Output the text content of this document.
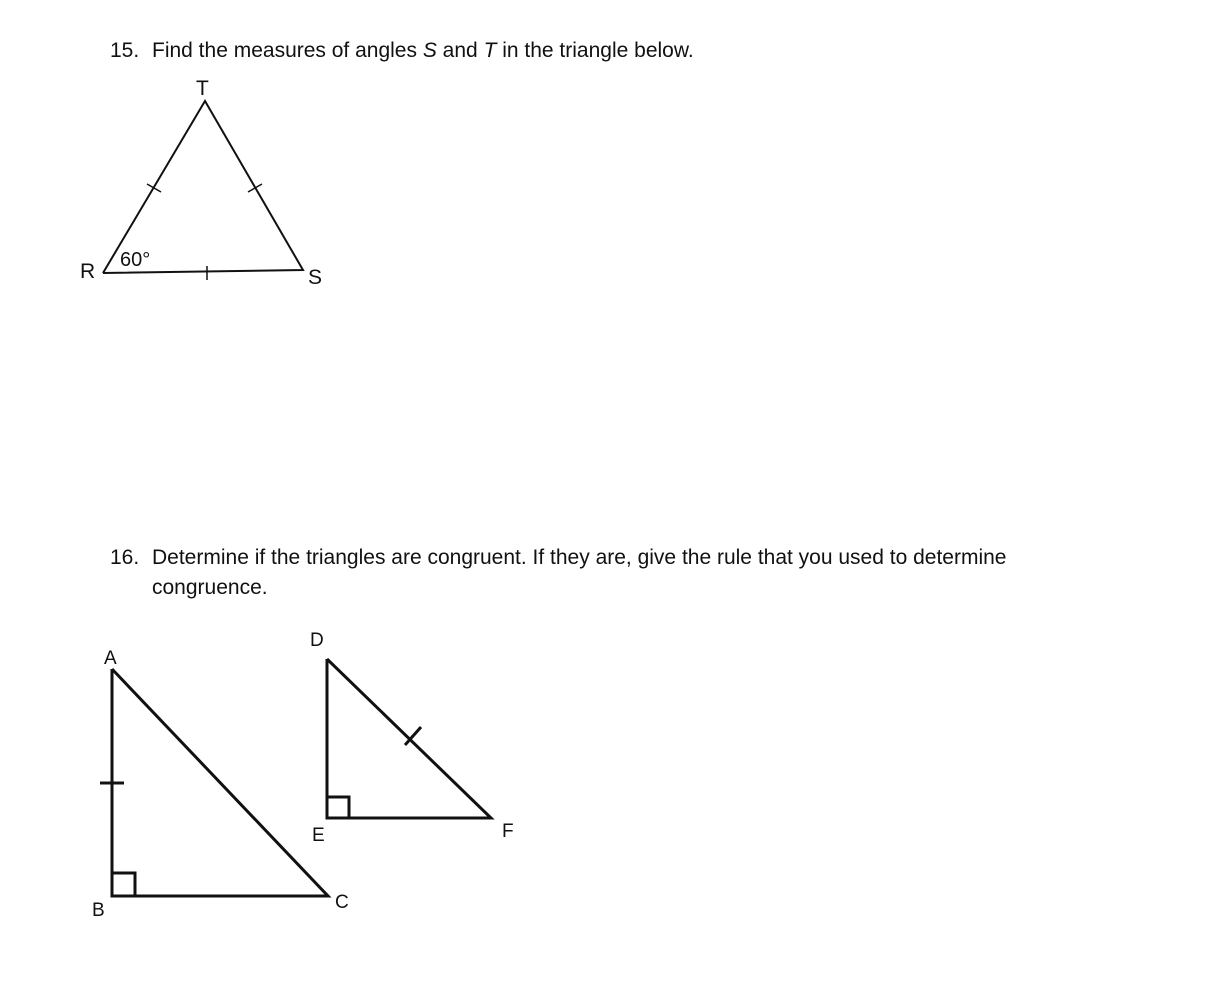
15. Find the measures of angles S and T in the triangle below.

T
R	S
60°
16. Determine if the triangles are congruent. If they are, give the rule that you used to determine
congruence.
A
B	C
D
E	F
